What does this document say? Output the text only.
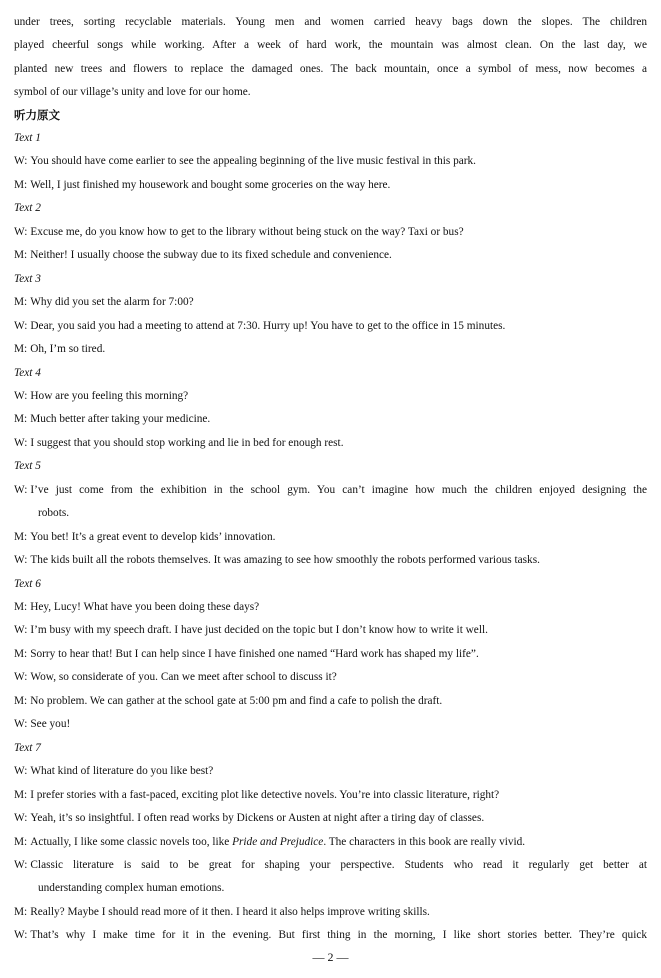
under trees, sorting recyclable materials. Young men and women carried heavy bags down the slopes. The children
played cheerful songs while working. After a week of hard work, the mountain was almost clean. On the last day, we
planted new trees and flowers to replace the damaged ones. The back mountain, once a symbol of mess, now becomes a
symbol of our village’s unity and love for our home.
听力原文
Text 1
W: You should have come earlier to see the appealing beginning of the live music festival in this park.
M: Well, I just finished my housework and bought some groceries on the way here.
Text 2
W: Excuse me, do you know how to get to the library without being stuck on the way? Taxi or bus?
M: Neither! I usually choose the subway due to its fixed schedule and convenience.
Text 3
M: Why did you set the alarm for 7:00?
W: Dear, you said you had a meeting to attend at 7:30. Hurry up! You have to get to the office in 15 minutes.
M: Oh, I’m so tired.
Text 4
W: How are you feeling this morning?
M: Much better after taking your medicine.
W: I suggest that you should stop working and lie in bed for enough rest.
Text 5
W: I’ve just come from the exhibition in the school gym. You can’t imagine how much the children enjoyed designing the
robots.
M: You bet! It’s a great event to develop kids’ innovation.
W: The kids built all the robots themselves. It was amazing to see how smoothly the robots performed various tasks.
Text 6
M: Hey, Lucy! What have you been doing these days?
W: I’m busy with my speech draft. I have just decided on the topic but I don’t know how to write it well.
M: Sorry to hear that! But I can help since I have finished one named “Hard work has shaped my life”.
W: Wow, so considerate of you. Can we meet after school to discuss it?
M: No problem. We can gather at the school gate at 5:00 pm and find a cafe to polish the draft.
W: See you!
Text 7
W: What kind of literature do you like best?
M: I prefer stories with a fast-paced, exciting plot like detective novels. You’re into classic literature, right?
W: Yeah, it’s so insightful. I often read works by Dickens or Austen at night after a tiring day of classes.
M: Actually, I like some classic novels too, like Pride and Prejudice. The characters in this book are really vivid.
W: Classic literature is said to be great for shaping your perspective. Students who read it regularly get better at
understanding complex human emotions.
M: Really? Maybe I should read more of it then. I heard it also helps improve writing skills.
W: That’s why I make time for it in the evening. But first thing in the morning, I like short stories better. They’re quick
— 2 —
